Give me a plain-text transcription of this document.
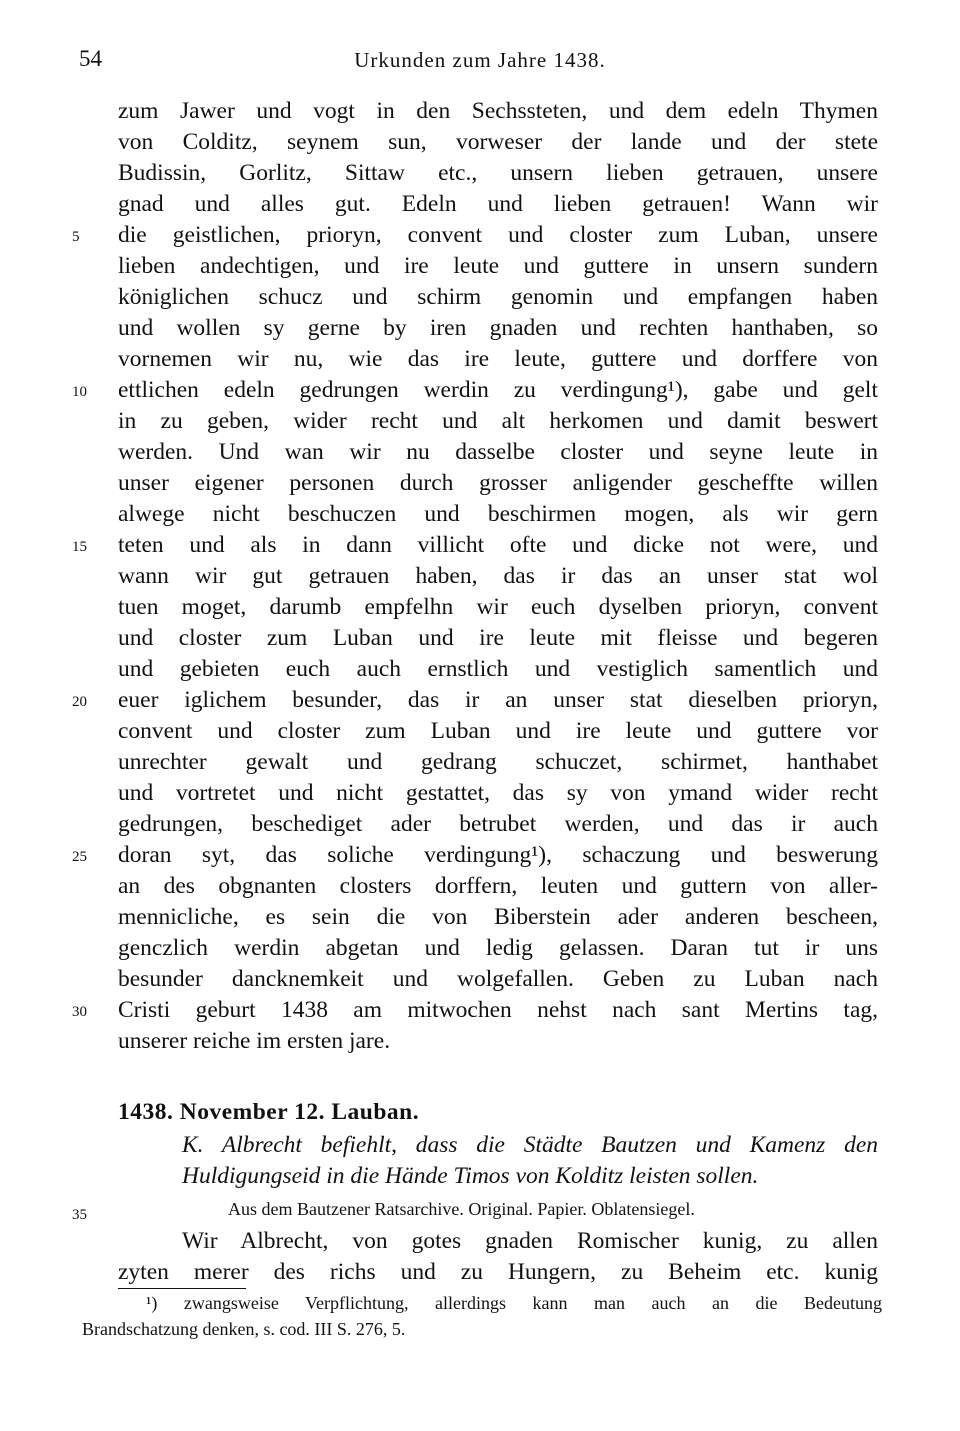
54	Urkunden zum Jahre 1438.
zum Jawer und vogt in den Sechssteten, und dem edeln Thymen
von Colditz, seynem sun, vorweser der lande und der stete
Budissin, Gorlitz, Sittaw etc., unsern lieben getrauen, unsere
gnad und alles gut. Edeln und lieben getrauen! Wann wir
5	die geistlichen, prioryn, convent und closter zum Luban, unsere
lieben andechtigen, und ire leute und guttere in unsern sundern
königlichen schucz und schirm genomin und empfangen haben
und wollen sy gerne by iren gnaden und rechten hanthaben, so
vornemen wir nu, wie das ire leute, guttere und dorffere von
10	ettlichen edeln gedrungen werdin zu verdingung¹), gabe und gelt
in zu geben, wider recht und alt herkomen und damit beswert
werden. Und wan wir nu dasselbe closter und seyne leute in
unser eigener personen durch grosser anligender gescheffte willen
alwege nicht beschuczen und beschirmen mogen, als wir gern
15	teten und als in dann villicht ofte und dicke not were, und
wann wir gut getrauen haben, das ir das an unser stat wol
tuen moget, darumb empfelhn wir euch dyselben prioryn, convent
und closter zum Luban und ire leute mit fleisse und begeren
und gebieten euch auch ernstlich und vestiglich samentlich und
20	euer iglichem besunder, das ir an unser stat dieselben prioryn,
convent und closter zum Luban und ire leute und guttere vor
unrechter gewalt und gedrang schuczet, schirmet, hanthabet
und vortretet und nicht gestattet, das sy von ymand wider recht
gedrungen, beschediget ader betrubet werden, und das ir auch
25	doran syt, das soliche verdingung¹), schaczung und beswerung
an des obgnanten closters dorffern, leuten und guttern von aller-
mennicliche, es sein die von Biberstein ader anderen bescheen,
genczlich werdin abgetan und ledig gelassen. Daran tut ir uns
besunder dancknemkeit und wolgefallen. Geben zu Luban nach
30	Cristi geburt 1438 am mitwochen nehst nach sant Mertins tag,
unserer reiche im ersten jare.
1438. November 12. Lauban.
K. Albrecht befiehlt, dass die Städte Bautzen und Kamenz den
Huldigungseid in die Hände Timos von Kolditz leisten sollen.
35	Aus dem Bautzener Ratsarchive. Original. Papier. Oblatensiegel.
Wir Albrecht, von gotes gnaden Romischer kunig, zu allen
zyten merer des richs und zu Hungern, zu Beheim etc. kunig
¹) zwangsweise Verpflichtung, allerdings kann man auch an die Bedeutung
Brandschatzung denken, s. cod. III S. 276, 5.
